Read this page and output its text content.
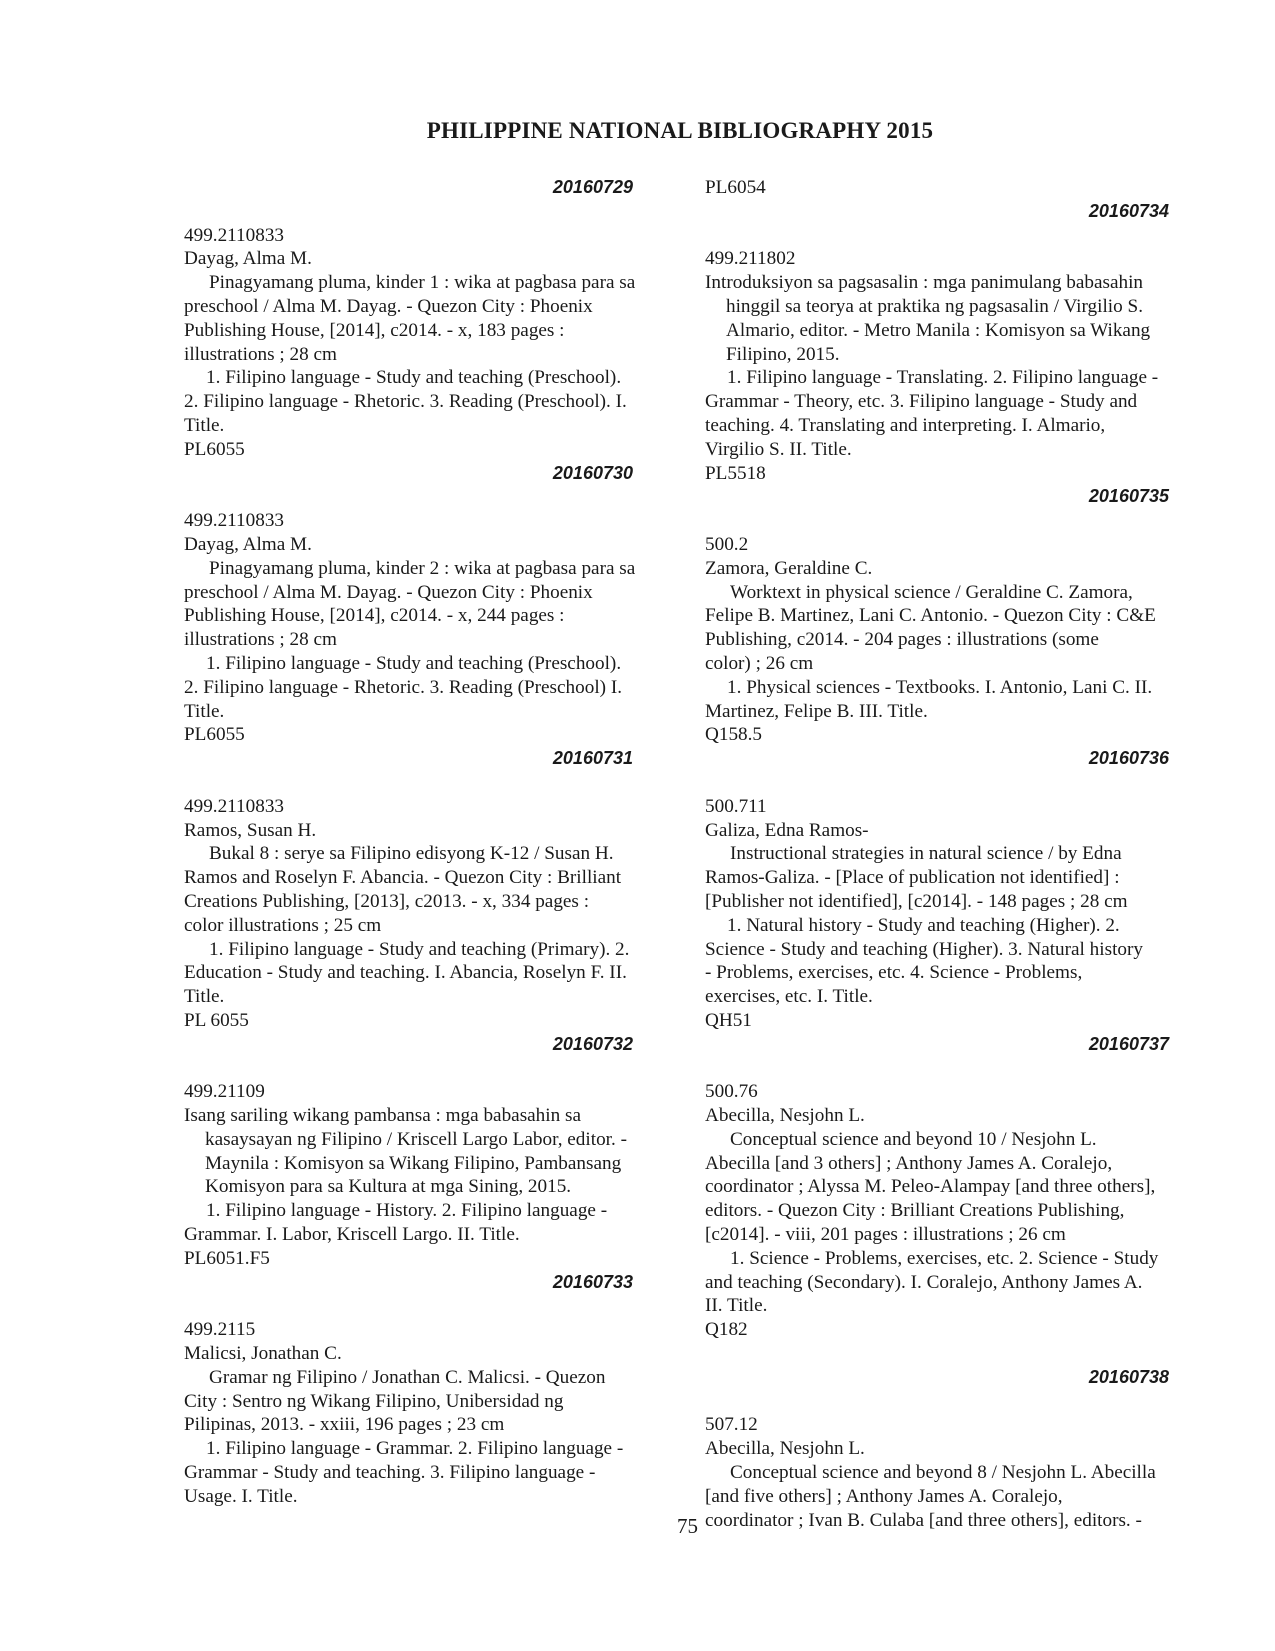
PHILIPPINE NATIONAL BIBLIOGRAPHY 2015
20160729
499.2110833
Dayag, Alma M.
Pinagyamang pluma, kinder 1 : wika at pagbasa para sa
preschool / Alma M. Dayag. - Quezon City : Phoenix
Publishing House, [2014], c2014. - x, 183 pages :
illustrations ; 28 cm
1. Filipino language - Study and teaching (Preschool).
2. Filipino language - Rhetoric. 3. Reading (Preschool). I.
Title.
PL6055
20160730
499.2110833
Dayag, Alma M.
Pinagyamang pluma, kinder 2 : wika at pagbasa para sa
preschool / Alma M. Dayag. - Quezon City : Phoenix
Publishing House, [2014], c2014. - x, 244 pages :
illustrations ; 28 cm
1. Filipino language - Study and teaching (Preschool).
2. Filipino language - Rhetoric. 3. Reading (Preschool) I.
Title.
PL6055
20160731
499.2110833
Ramos, Susan H.
Bukal 8 : serye sa Filipino edisyong K-12 / Susan H.
Ramos and Roselyn F. Abancia. - Quezon City : Brilliant
Creations Publishing, [2013], c2013. - x, 334 pages :
color illustrations ; 25 cm
1. Filipino language - Study and teaching (Primary). 2.
Education - Study and teaching. I. Abancia, Roselyn F. II.
Title.
PL 6055
20160732
499.21109
Isang sariling wikang pambansa : mga babasahin sa
kasaysayan ng Filipino / Kriscell Largo Labor, editor. -
Maynila : Komisyon sa Wikang Filipino, Pambansang
Komisyon para sa Kultura at mga Sining, 2015.
1. Filipino language - History. 2. Filipino language -
Grammar. I. Labor, Kriscell Largo. II. Title.
PL6051.F5
20160733
499.2115
Malicsi, Jonathan C.
Gramar ng Filipino / Jonathan C. Malicsi. - Quezon
City : Sentro ng Wikang Filipino, Unibersidad ng
Pilipinas, 2013. - xxiii, 196 pages ; 23 cm
1. Filipino language - Grammar. 2. Filipino language -
Grammar - Study and teaching. 3. Filipino language -
Usage. I. Title.
PL6054
20160734
499.211802
Introduksiyon sa pagsasalin : mga panimulang babasahin
hinggil sa teorya at praktika ng pagsasalin / Virgilio S.
Almario, editor. - Metro Manila : Komisyon sa Wikang
Filipino, 2015.
1. Filipino language - Translating. 2. Filipino language -
Grammar - Theory, etc. 3. Filipino language - Study and
teaching. 4. Translating and interpreting. I. Almario,
Virgilio S. II. Title.
PL5518
20160735
500.2
Zamora, Geraldine C.
Worktext in physical science / Geraldine C. Zamora,
Felipe B. Martinez, Lani C. Antonio. - Quezon City : C&E
Publishing, c2014. - 204 pages : illustrations (some
color) ; 26 cm
1. Physical sciences - Textbooks. I. Antonio, Lani C. II.
Martinez, Felipe B. III. Title.
Q158.5
20160736
500.711
Galiza, Edna Ramos-
Instructional strategies in natural science / by Edna
Ramos-Galiza. - [Place of publication not identified] :
[Publisher not identified], [c2014]. - 148 pages ; 28 cm
1. Natural history - Study and teaching (Higher). 2.
Science - Study and teaching (Higher). 3. Natural history
- Problems, exercises, etc. 4. Science - Problems,
exercises, etc. I. Title.
QH51
20160737
500.76
Abecilla, Nesjohn L.
Conceptual science and beyond 10 / Nesjohn L.
Abecilla [and 3 others] ; Anthony James A. Coralejo,
coordinator ; Alyssa M. Peleo-Alampay [and three others],
editors. - Quezon City : Brilliant Creations Publishing,
[c2014]. - viii, 201 pages : illustrations ; 26 cm
1. Science - Problems, exercises, etc. 2. Science - Study
and teaching (Secondary). I. Coralejo, Anthony James A.
II. Title.
Q182
20160738
507.12
Abecilla, Nesjohn L.
Conceptual science and beyond 8 / Nesjohn L. Abecilla
[and five others] ; Anthony James A. Coralejo,
coordinator ; Ivan B. Culaba [and three others], editors. -
75
